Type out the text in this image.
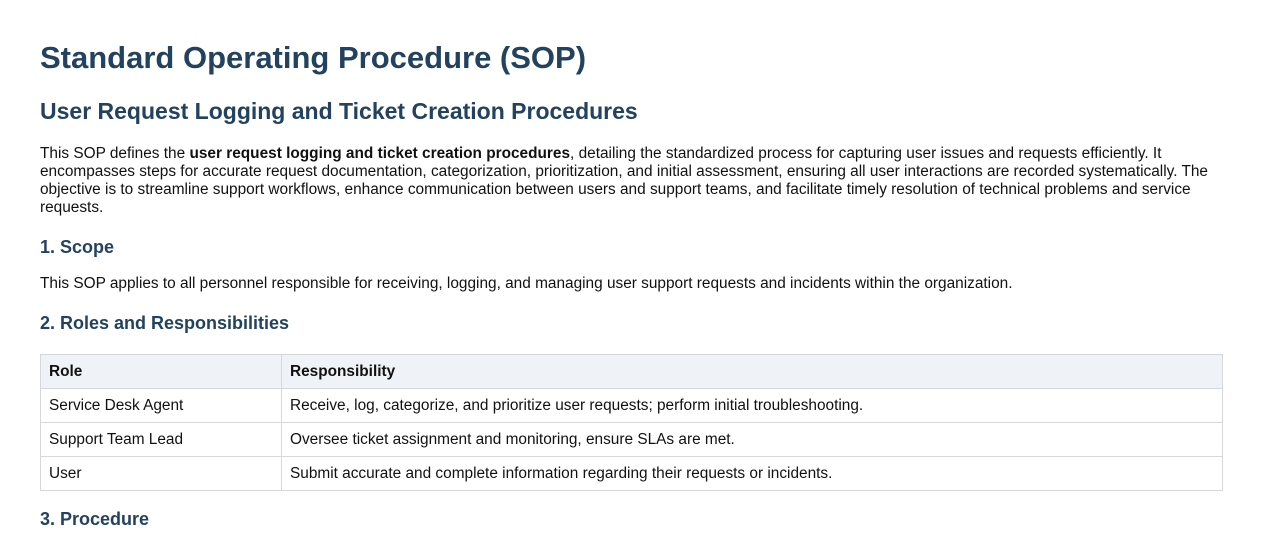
Standard Operating Procedure (SOP)
User Request Logging and Ticket Creation Procedures

This SOP defines the user request logging and ticket creation procedures, detailing the standardized process for capturing user issues and requests efficiently. It encompasses steps for accurate request documentation, categorization, prioritization, and initial assessment, ensuring all user interactions are recorded systematically. The objective is to streamline support workflows, enhance communication between users and support teams, and facilitate timely resolution of technical problems and service requests.

1. Scope

This SOP applies to all personnel responsible for receiving, logging, and managing user support requests and incidents within the organization.

2. Roles and Responsibilities
Role	Responsibility
Service Desk Agent	Receive, log, categorize, and prioritize user requests; perform initial troubleshooting.
Support Team Lead	Oversee ticket assignment and monitoring, ensure SLAs are met.
User	Submit accurate and complete information regarding their requests or incidents.
3. Procedure
